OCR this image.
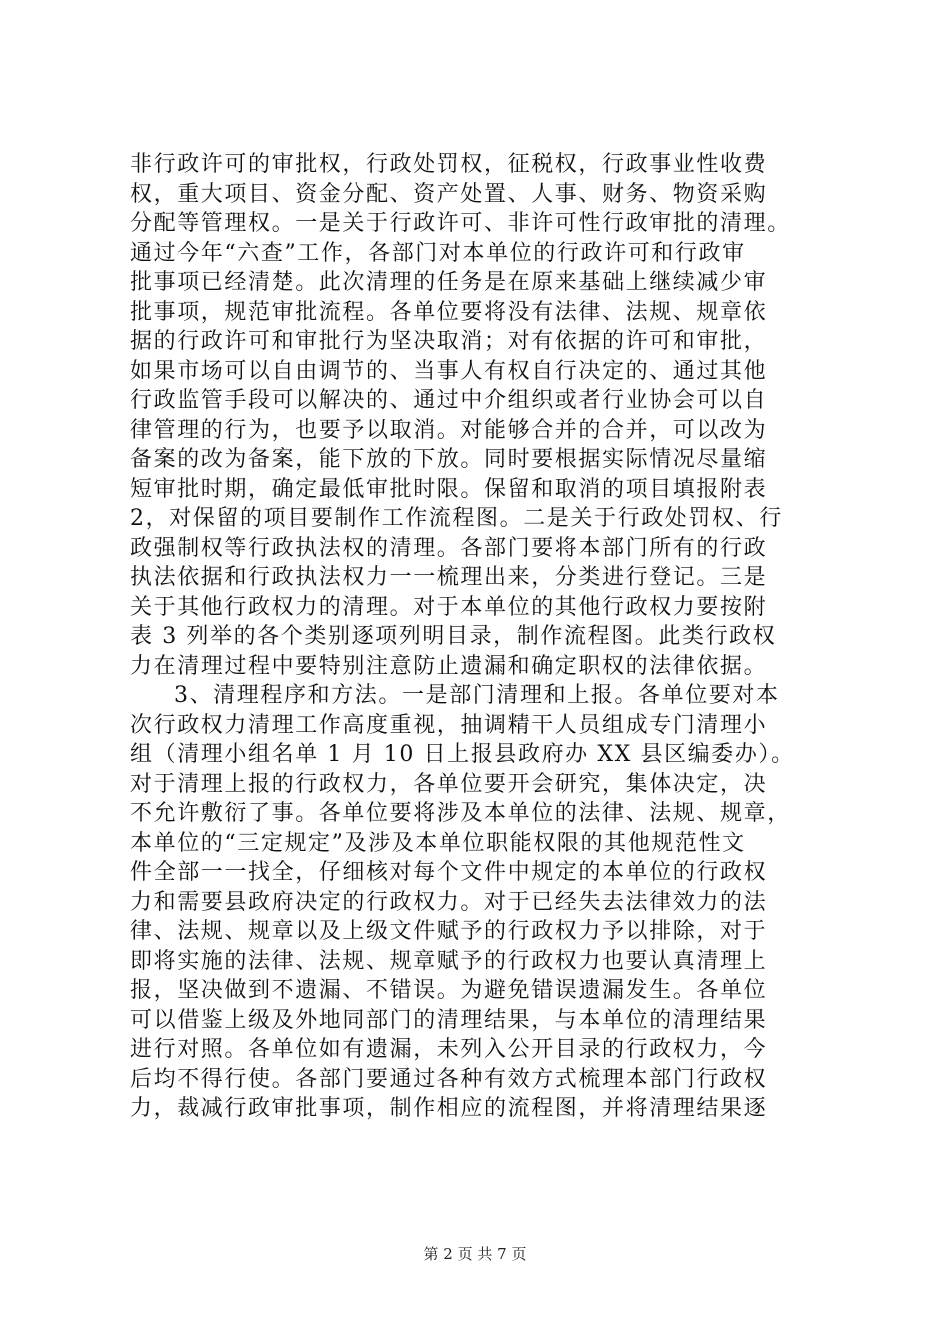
非行政许可的审批权，行政处罚权，征税权，行政事业性收费
权，重大项目、资金分配、资产处置、人事、财务、物资采购
分配等管理权。一是关于行政许可、非许可性行政审批的清理。
通过今年“六查”工作，各部门对本单位的行政许可和行政审
批事项已经清楚。此次清理的任务是在原来基础上继续减少审
批事项，规范审批流程。各单位要将没有法律、法规、规章依
据的行政许可和审批行为坚决取消；对有依据的许可和审批，
如果市场可以自由调节的、当事人有权自行决定的、通过其他
行政监管手段可以解决的、通过中介组织或者行业协会可以自
律管理的行为，也要予以取消。对能够合并的合并，可以改为
备案的改为备案，能下放的下放。同时要根据实际情况尽量缩
短审批时期，确定最低审批时限。保留和取消的项目填报附表
2，对保留的项目要制作工作流程图。二是关于行政处罚权、行
政强制权等行政执法权的清理。各部门要将本部门所有的行政
执法依据和行政执法权力一一梳理出来，分类进行登记。三是
关于其他行政权力的清理。对于本单位的其他行政权力要按附
表 3 列举的各个类别逐项列明目录，制作流程图。此类行政权
力在清理过程中要特别注意防止遗漏和确定职权的法律依据。
3、清理程序和方法。一是部门清理和上报。各单位要对本
次行政权力清理工作高度重视，抽调精干人员组成专门清理小
组（清理小组名单 1 月 10 日上报县政府办 XX 县区编委办）。
对于清理上报的行政权力，各单位要开会研究，集体决定，决
不允许敷衍了事。各单位要将涉及本单位的法律、法规、规章，
本单位的“三定规定”及涉及本单位职能权限的其他规范性文
件全部一一找全，仔细核对每个文件中规定的本单位的行政权
力和需要县政府决定的行政权力。对于已经失去法律效力的法
律、法规、规章以及上级文件赋予的行政权力予以排除，对于
即将实施的法律、法规、规章赋予的行政权力也要认真清理上
报，坚决做到不遗漏、不错误。为避免错误遗漏发生。各单位
可以借鉴上级及外地同部门的清理结果，与本单位的清理结果
进行对照。各单位如有遗漏，未列入公开目录的行政权力，今
后均不得行使。各部门要通过各种有效方式梳理本部门行政权
力，裁减行政审批事项，制作相应的流程图，并将清理结果逐
第 2 页 共 7 页
